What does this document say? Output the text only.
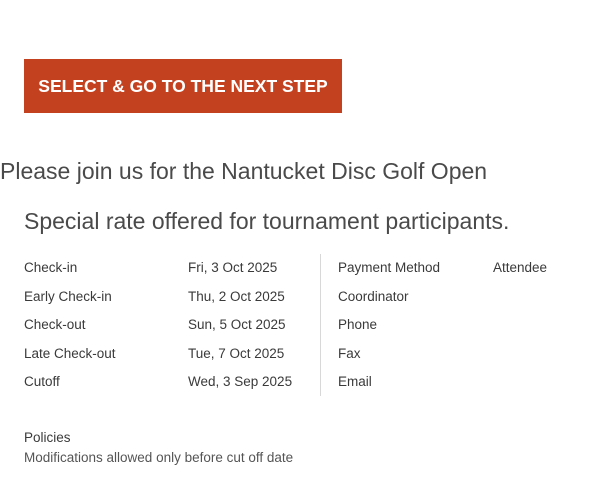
SELECT & GO TO THE NEXT STEP
Please join us for the Nantucket Disc Golf Open
Special rate offered for tournament participants.
Check-in	Fri, 3 Oct 2025
Early Check-in	Thu, 2 Oct 2025
Check-out	Sun, 5 Oct 2025
Late Check-out	Tue, 7 Oct 2025
Cutoff	Wed, 3 Sep 2025
Payment Method	Attendee
Coordinator
Phone
Fax
Email
Policies
Modifications allowed only before cut off date
